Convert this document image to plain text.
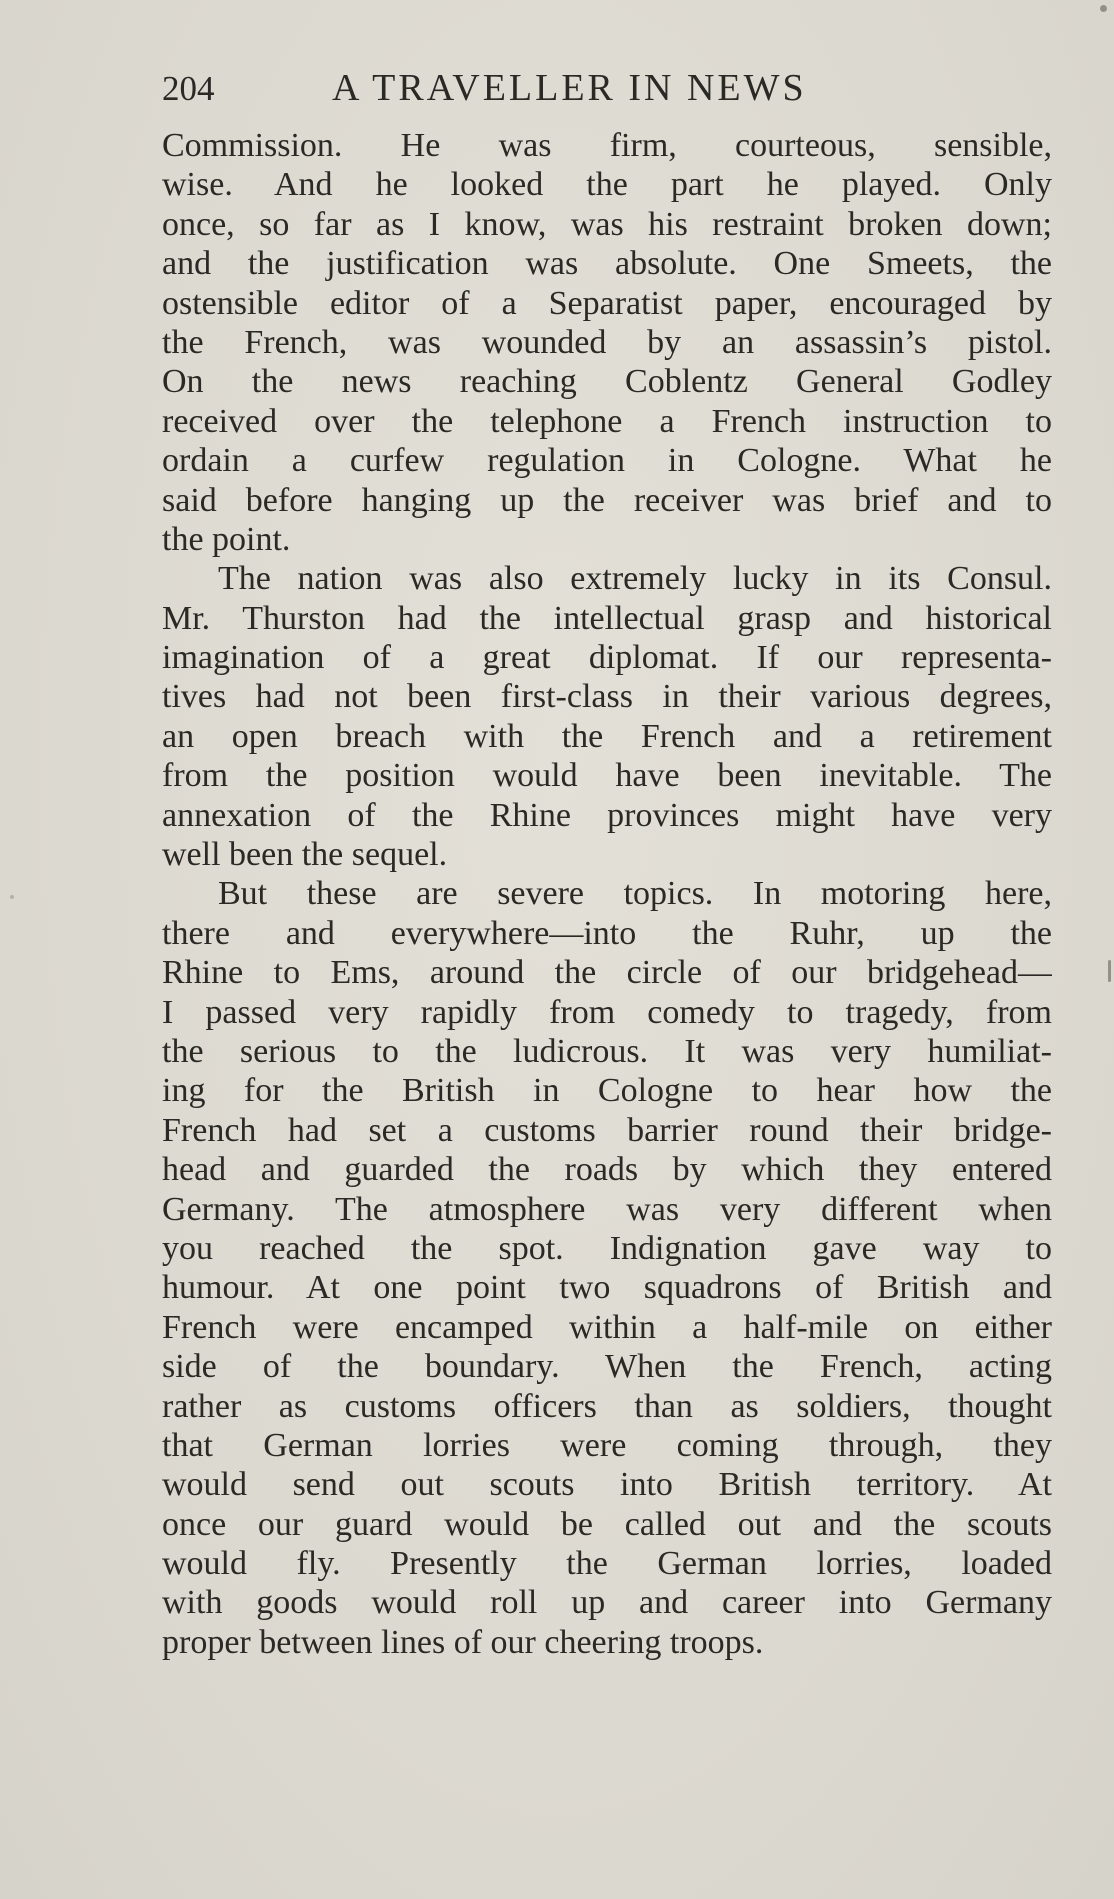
204	A TRAVELLER IN NEWS
Commission. He was firm, courteous, sensible,
wise. And he looked the part he played. Only
once, so far as I know, was his restraint broken down;
and the justification was absolute. One Smeets, the
ostensible editor of a Separatist paper, encouraged by
the French, was wounded by an assassin’s pistol.
On the news reaching Coblentz General Godley
received over the telephone a French instruction to
ordain a curfew regulation in Cologne. What he
said before hanging up the receiver was brief and to
the point.
The nation was also extremely lucky in its Consul.
Mr. Thurston had the intellectual grasp and historical
imagination of a great diplomat. If our representa-
tives had not been first-class in their various degrees,
an open breach with the French and a retirement
from the position would have been inevitable. The
annexation of the Rhine provinces might have very
well been the sequel.
But these are severe topics. In motoring here,
there and everywhere—into the Ruhr, up the
Rhine to Ems, around the circle of our bridgehead—
I passed very rapidly from comedy to tragedy, from
the serious to the ludicrous. It was very humiliat-
ing for the British in Cologne to hear how the
French had set a customs barrier round their bridge-
head and guarded the roads by which they entered
Germany. The atmosphere was very different when
you reached the spot. Indignation gave way to
humour. At one point two squadrons of British and
French were encamped within a half-mile on either
side of the boundary. When the French, acting
rather as customs officers than as soldiers, thought
that German lorries were coming through, they
would send out scouts into British territory. At
once our guard would be called out and the scouts
would fly. Presently the German lorries, loaded
with goods would roll up and career into Germany
proper between lines of our cheering troops.
